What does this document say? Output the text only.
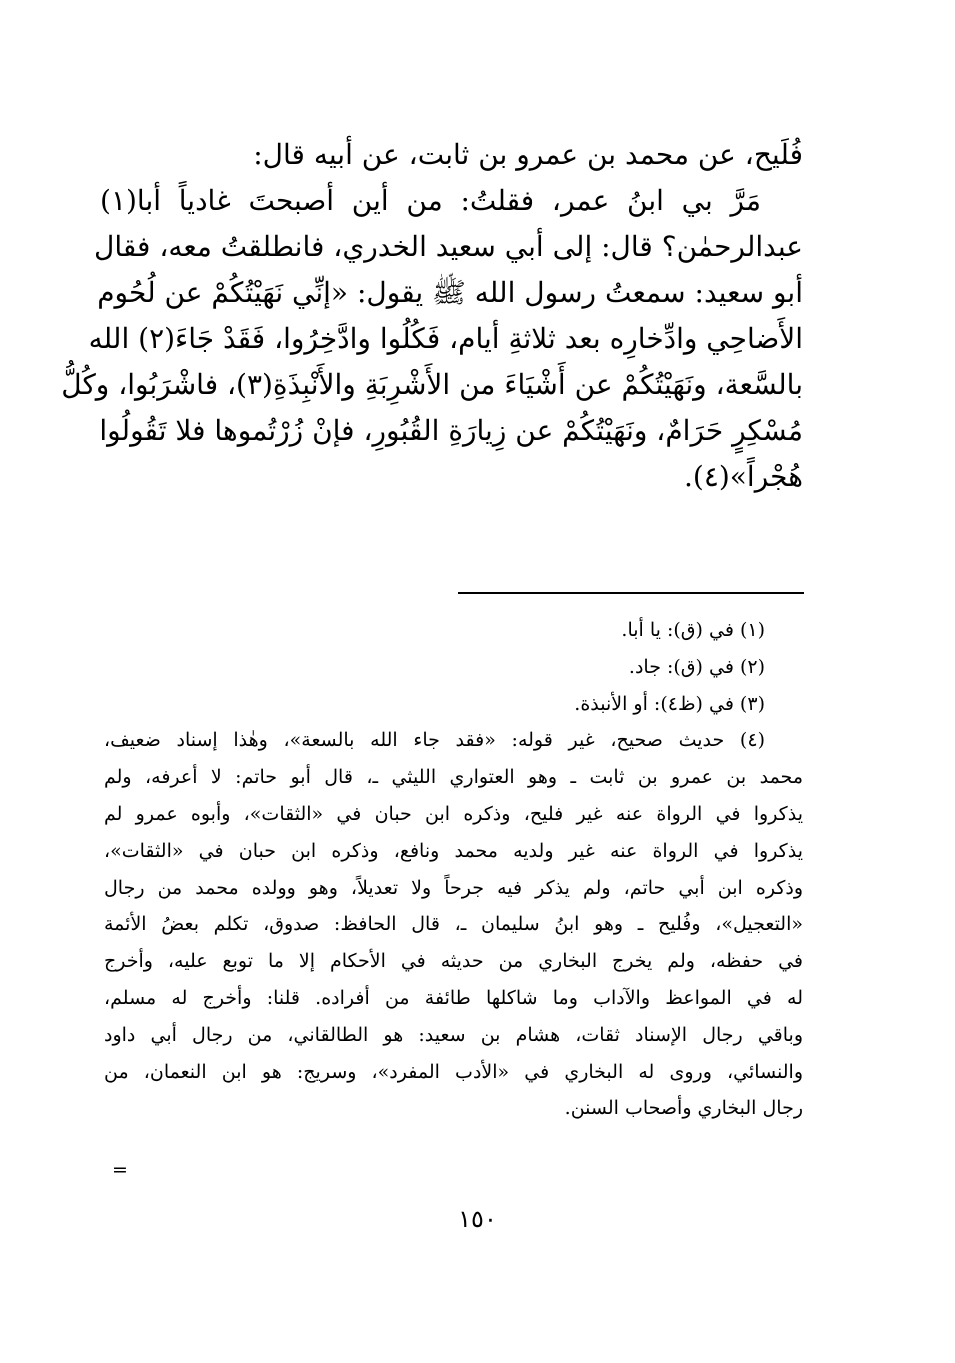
فُلَيح، عن محمد بن عمرو بن ثابت، عن أبيه قال:
مَرَّ بي ابنُ عمر، فقلتُ: من أين أصبحتَ غادياً أبا(١)
عبدالرحمٰن؟ قال: إلى أبي سعيد الخدري، فانطلقتُ معه، فقال
أبو سعيد: سمعتُ رسول الله ﷺ يقول: «إنِّي نَهَيْتُكُمْ عن لُحُوم
الأَضاحِي وادِّخارِه بعد ثلاثةِ أيام، فَكُلُوا وادَّخِرُوا، فَقَدْ جَاءَ(٢) الله
بالسَّعة، ونَهَيْتُكُمْ عن أَشْيَاءَ من الأَشْرِبَةِ والأَنْبِذَةِ(٣)، فاشْرَبُوا، وكُلُّ
مُسْكِرٍ حَرَامٌ، ونَهَيْتُكُمْ عن زِيارَةِ القُبُورِ، فإنْ زُرْتُموها فلا تَقُولُوا
هُجْراً»(٤).
(١) في (ق): يا أبا.
(٢) في (ق): جاد.
(٣) في (ظ٤): أو الأنبذة.
(٤) حديث صحيح، غير قوله: «فقد جاء الله بالسعة»، وهٰذا إسناد ضعيف،
محمد بن عمرو بن ثابت ـ وهو العتواري الليثي ـ، قال أبو حاتم: لا أعرفه، ولم
يذكروا في الرواة عنه غير فليح، وذكره ابن حبان في «الثقات»، وأبوه عمرو لم
يذكروا في الرواة عنه غير ولديه محمد ونافع، وذكره ابن حبان في «الثقات»،
وذكره ابن أبي حاتم، ولم يذكر فيه جرحاً ولا تعديلاً، وهو وولده محمد من رجال
«التعجيل»، وفُليح ـ وهو ابنُ سليمان ـ، قال الحافظ: صدوق، تكلم بعضُ الأئمة
في حفظه، ولم يخرج البخاري من حديثه في الأحكام إلا ما توبع عليه، وأخرج
له في المواعظ والآداب وما شاكلها طائفة من أفراده. قلنا: وأخرج له مسلم،
وباقي رجال الإسناد ثقات، هشام بن سعيد: هو الطالقاني، من رجال أبي داود
والنسائي، وروى له البخاري في «الأدب المفرد»، وسريج: هو ابن النعمان، من
رجال البخاري وأصحاب السنن.
=
١٥٠
